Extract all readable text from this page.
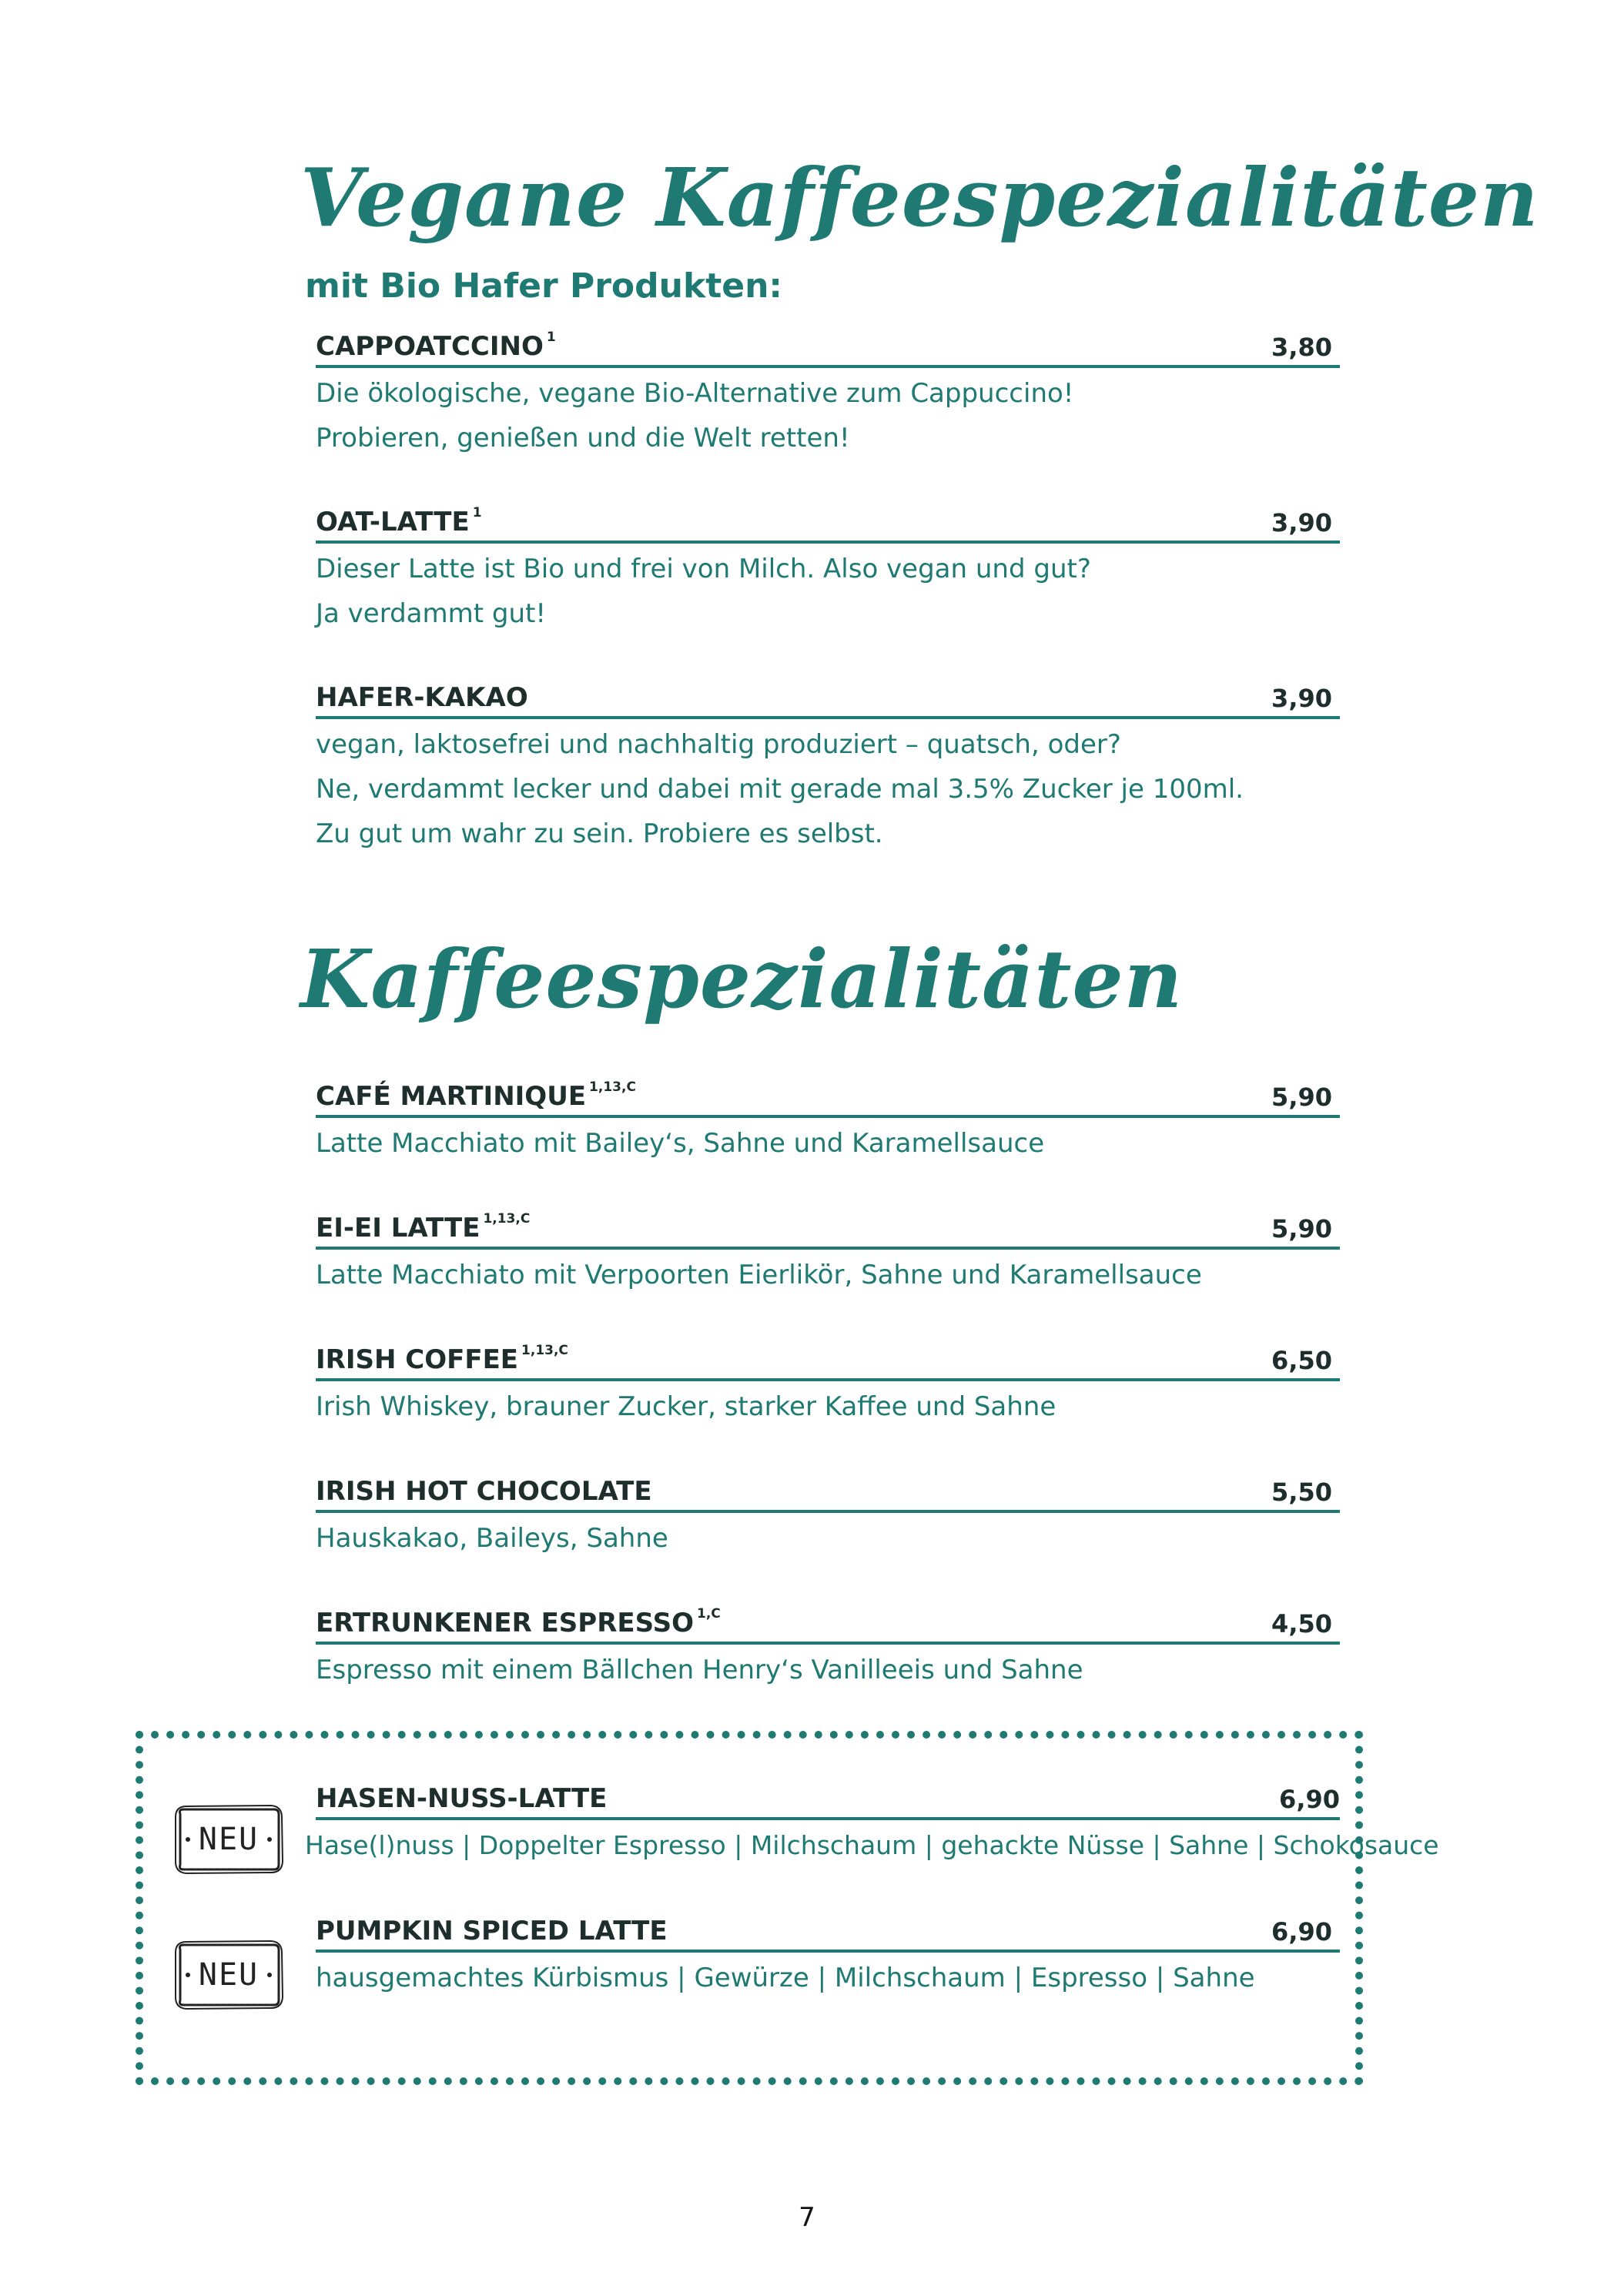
Vegane Kaffeespezialitäten
mit Bio Hafer Produkten:
CAPPOATCCINO $^1$	3,80
Die ökologische, vegane Bio-Alternative zum Cappuccino!
Probieren, genießen und die Welt retten!
OAT-LATTE $^1$	3,90
Dieser Latte ist Bio und frei von Milch. Also vegan und gut?
Ja verdammt gut!
HAFER-KAKAO	3,90
vegan, laktosefrei und nachhaltig produziert – quatsch, oder?
Ne, verdammt lecker und dabei mit gerade mal 3.5% Zucker je 100ml.
Zu gut um wahr zu sein. Probiere es selbst.
Kaffeespezialitäten
CAFÉ MARTINIQUE $^{1,13,C}$	5,90
Latte Macchiato mit Bailey‘s, Sahne und Karamellsauce
EI-EI LATTE $^{1,13,C}$	5,90
Latte Macchiato mit Verpoorten Eierlikör, Sahne und Karamellsauce
IRISH COFFEE $^{1,13,C}$	6,50
Irish Whiskey, brauner Zucker, starker Kaffee und Sahne
IRISH HOT CHOCOLATE	5,50
Hauskakao, Baileys, Sahne
ERTRUNKENER ESPRESSO $^{1,C}$	4,50
Espresso mit einem Bällchen Henry‘s Vanilleeis und Sahne
NEU
NEU
HASEN-NUSS-LATTE	6,90
Hase(l)nuss | Doppelter Espresso | Milchschaum | gehackte Nüsse | Sahne | Schokosauce
PUMPKIN SPICED LATTE	6,90
hausgemachtes Kürbismus | Gewürze | Milchschaum | Espresso | Sahne
7
